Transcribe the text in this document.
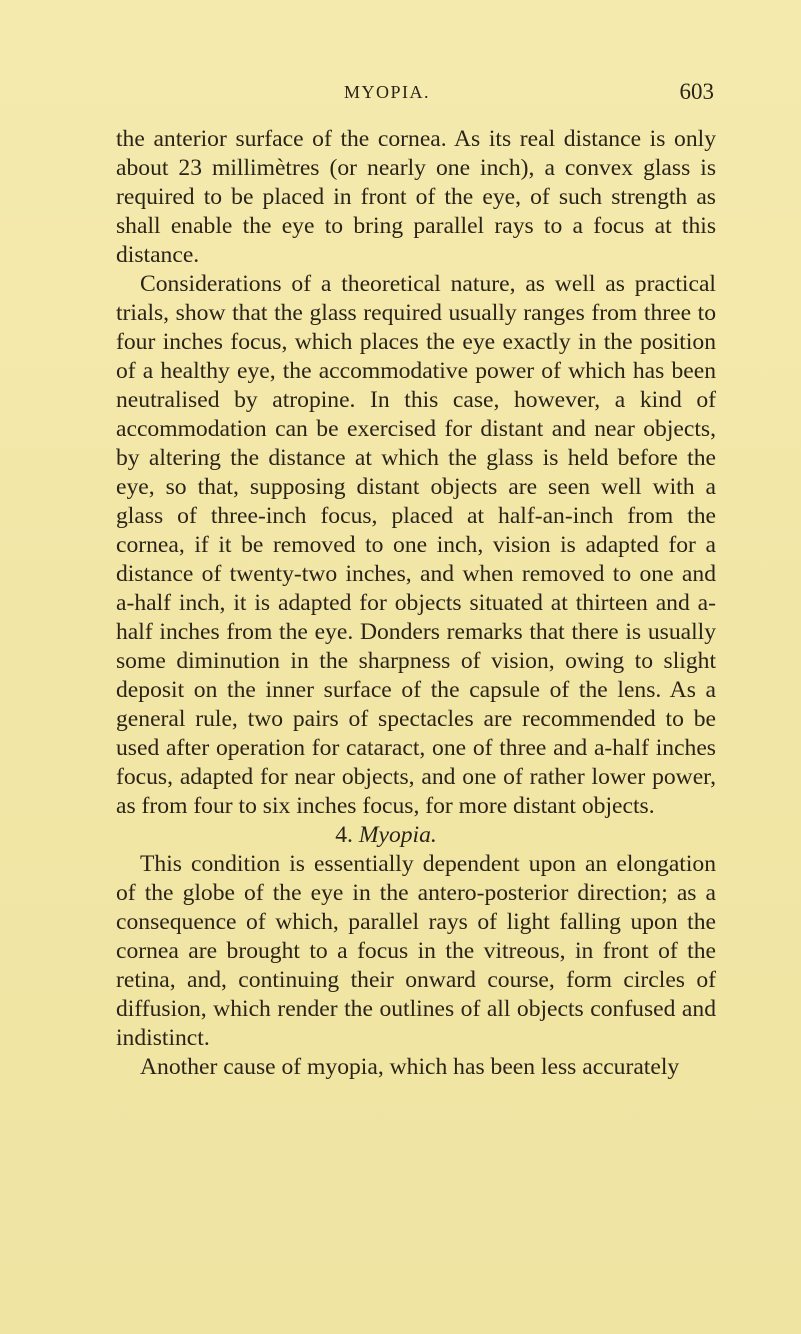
MYOPIA.	603

the anterior surface of the cornea. As its real distance is only about 23 millimètres (or nearly one inch), a convex glass is required to be placed in front of the eye, of such strength as shall enable the eye to bring parallel rays to a focus at this distance.

Considerations of a theoretical nature, as well as practical trials, show that the glass required usually ranges from three to four inches focus, which places the eye exactly in the position of a healthy eye, the accommodative power of which has been neutralised by atropine. In this case, however, a kind of accommodation can be exercised for distant and near objects, by altering the distance at which the glass is held before the eye, so that, supposing distant objects are seen well with a glass of three-inch focus, placed at half-an-inch from the cornea, if it be removed to one inch, vision is adapted for a distance of twenty-two inches, and when removed to one and a-half inch, it is adapted for objects situated at thirteen and a-half inches from the eye. Donders remarks that there is usually some diminution in the sharpness of vision, owing to slight deposit on the inner surface of the capsule of the lens. As a general rule, two pairs of spectacles are recommended to be used after operation for cataract, one of three and a-half inches focus, adapted for near objects, and one of rather lower power, as from four to six inches focus, for more distant objects.

4. Myopia.

This condition is essentially dependent upon an elongation of the globe of the eye in the antero-posterior direction; as a consequence of which, parallel rays of light falling upon the cornea are brought to a focus in the vitreous, in front of the retina, and, continuing their onward course, form circles of diffusion, which render the outlines of all objects confused and indistinct.

Another cause of myopia, which has been less accurately
